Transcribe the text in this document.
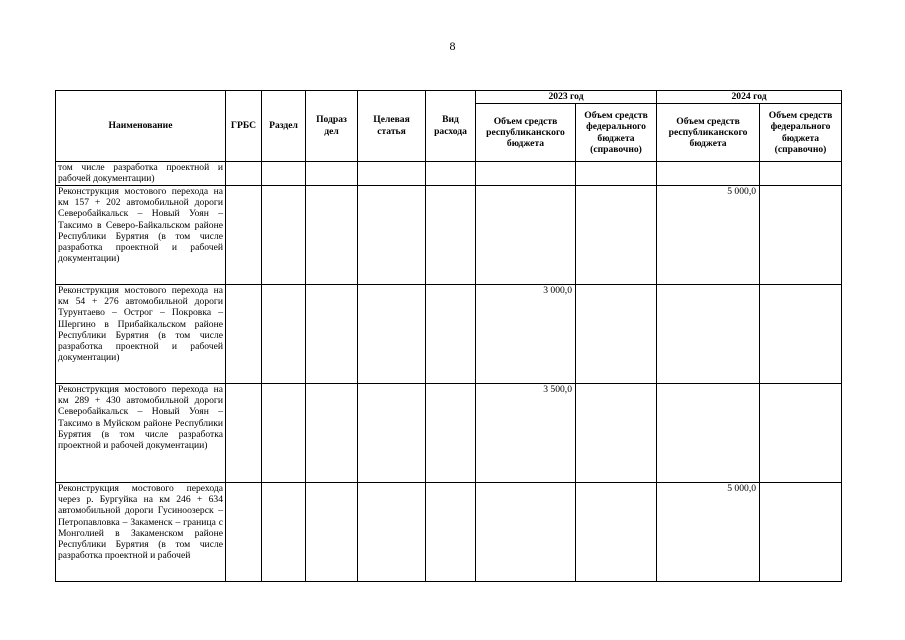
8
Наименование	ГРБС	Раздел	Подраз дел	Целевая статья	Вид расхода	2023 год		2024 год	
						Объем средств республиканского бюджета	Объем средств федерального бюджета (справочно)	Объем средств республиканского бюджета	Объем средств федерального бюджета (справочно)
том числе разработка проектной и рабочей документации)									
Реконструкция мостового перехода на км 157 + 202 автомобильной дороги Северобайкальск – Новый Уоян – Таксимо в Северо-Байкальском районе Республики Бурятия (в том числе разработка проектной и рабочей документации)								5 000,0	
Реконструкция мостового перехода на км 54 + 276 автомобильной дороги Турунтаево – Острог – Покровка – Шергино в Прибайкальском районе Республики Бурятия (в том числе разработка проектной и рабочей документации)						3 000,0			
Реконструкция мостового перехода на км 289 + 430 автомобильной дороги Северобайкальск – Новый Уоян – Таксимо в Муйском районе Республики Бурятия (в том числе разработка проектной и рабочей документации)						3 500,0			
Реконструкция мостового перехода через р. Бургуйка на км 246 + 634 автомобильной дороги Гусиноозерск – Петропавловка – Закаменск – граница с Монголией в Закаменском районе Республики Бурятия (в том числе разработка проектной и рабочей								5 000,0	
